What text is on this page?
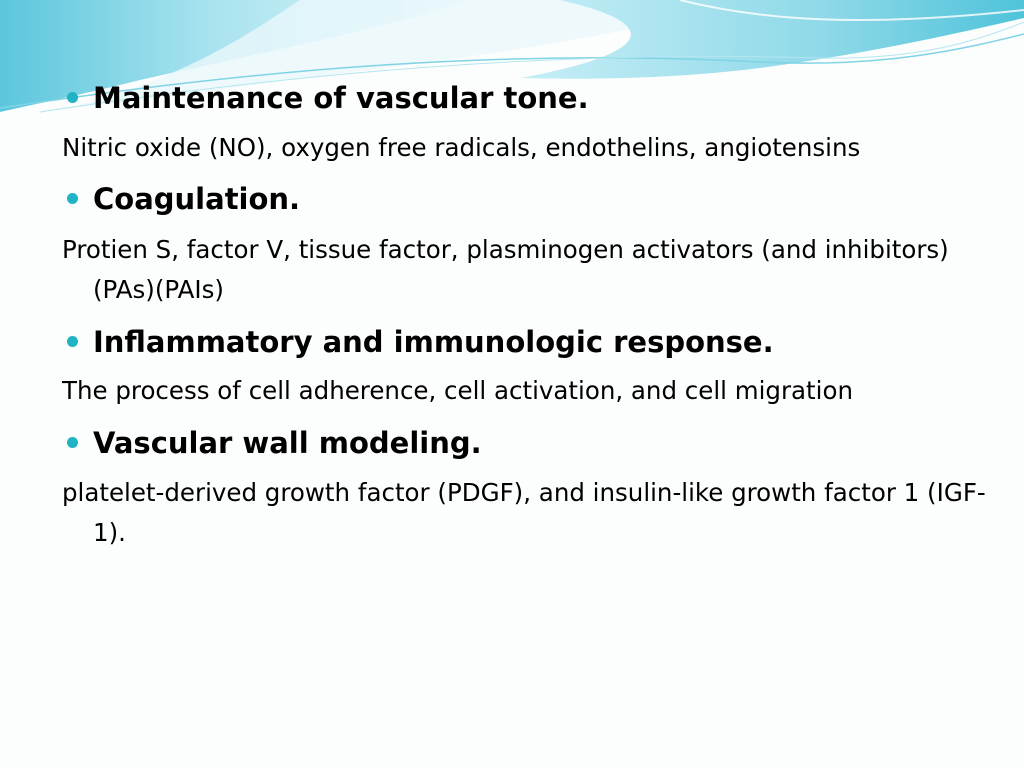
Maintenance of vascular tone.

Nitric oxide (NO), oxygen free radicals, endothelins, angiotensins

Coagulation.

Protien S, factor V, tissue factor, plasminogen activators (and inhibitors)(PAs)(PAIs)

Inflammatory and immunologic response.

The process of cell adherence, cell activation, and cell migration

Vascular wall modeling.

platelet-derived growth factor (PDGF), and insulin-like growth factor 1 (IGF-1).
